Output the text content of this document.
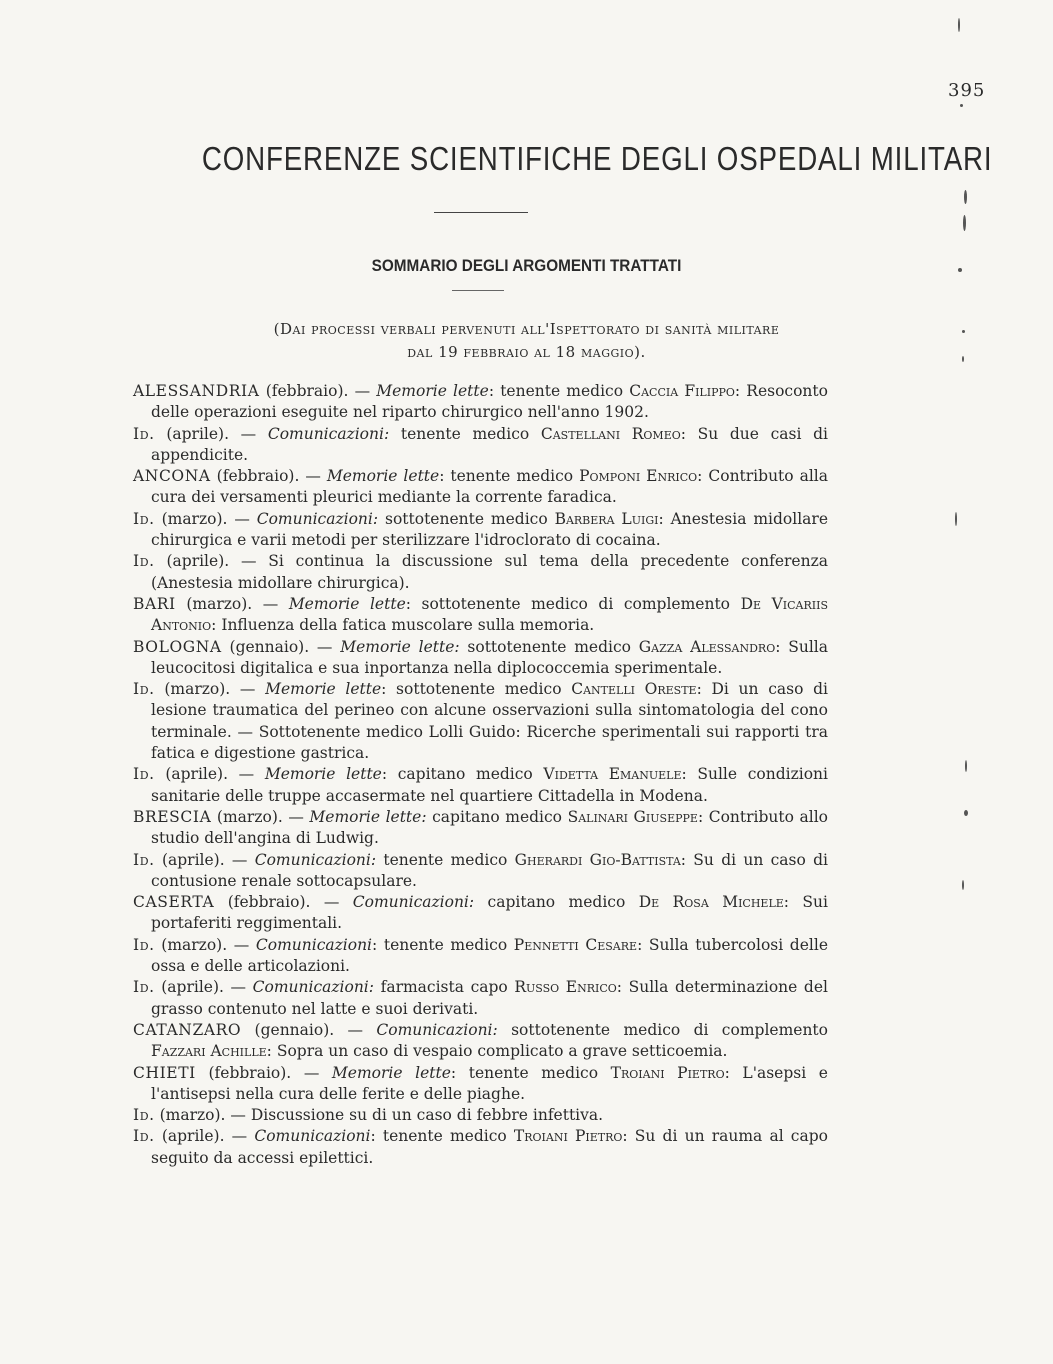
395
CONFERENZE SCIENTIFICHE DEGLI OSPEDALI MILITARI
SOMMARIO DEGLI ARGOMENTI TRATTATI

(Dai processi verbali pervenuti all'Ispettorato di sanità militare
dal 19 febbraio al 18 maggio).

ALESSANDRIA (febbraio). — Memorie lette: tenente medico Caccia Filippo: Resoconto delle operazioni eseguite nel riparto chirurgico nell'anno 1902.

Id. (aprile). — Comunicazioni: tenente medico Castellani Romeo: Su due casi di appendicite.

ANCONA (febbraio). — Memorie lette: tenente medico Pomponi Enrico: Contributo alla cura dei versamenti pleurici mediante la corrente faradica.

Id. (marzo). — Comunicazioni: sottotenente medico Barbera Luigi: Anestesia midollare chirurgica e varii metodi per sterilizzare l'idroclorato di cocaina.

Id. (aprile). — Si continua la discussione sul tema della precedente conferenza (Anestesia midollare chirurgica).

BARI (marzo). — Memorie lette: sottotenente medico di complemento De Vicariis Antonio: Influenza della fatica muscolare sulla memoria.

BOLOGNA (gennaio). — Memorie lette: sottotenente medico Gazza Alessandro: Sulla leucocitosi digitalica e sua inportanza nella diplococcemia sperimentale.

Id. (marzo). — Memorie lette: sottotenente medico Cantelli Oreste: Di un caso di lesione traumatica del perineo con alcune osservazioni sulla sintomatologia del cono terminale. — Sottotenente medico Lolli Guido: Ricerche sperimentali sui rapporti tra fatica e digestione gastrica.

Id. (aprile). — Memorie lette: capitano medico Videtta Emanuele: Sulle condizioni sanitarie delle truppe accasermate nel quartiere Cittadella in Modena.

BRESCIA (marzo). — Memorie lette: capitano medico Salinari Giuseppe: Contributo allo studio dell'angina di Ludwig.

Id. (aprile). — Comunicazioni: tenente medico Gherardi Gio-Battista: Su di un caso di contusione renale sottocapsulare.

CASERTA (febbraio). — Comunicazioni: capitano medico De Rosa Michele: Sui portaferiti reggimentali.

Id. (marzo). — Comunicazioni: tenente medico Pennetti Cesare: Sulla tubercolosi delle ossa e delle articolazioni.

Id. (aprile). — Comunicazioni: farmacista capo Russo Enrico: Sulla determinazione del grasso contenuto nel latte e suoi derivati.

CATANZARO (gennaio). — Comunicazioni: sottotenente medico di complemento Fazzari Achille: Sopra un caso di vespaio complicato a grave setticoemia.

CHIETI (febbraio). — Memorie lette: tenente medico Troiani Pietro: L'asepsi e l'antisepsi nella cura delle ferite e delle piaghe.

Id. (marzo). — Discussione su di un caso di febbre infettiva.

Id. (aprile). — Comunicazioni: tenente medico Troiani Pietro: Su di un rauma al capo seguito da accessi epilettici.
